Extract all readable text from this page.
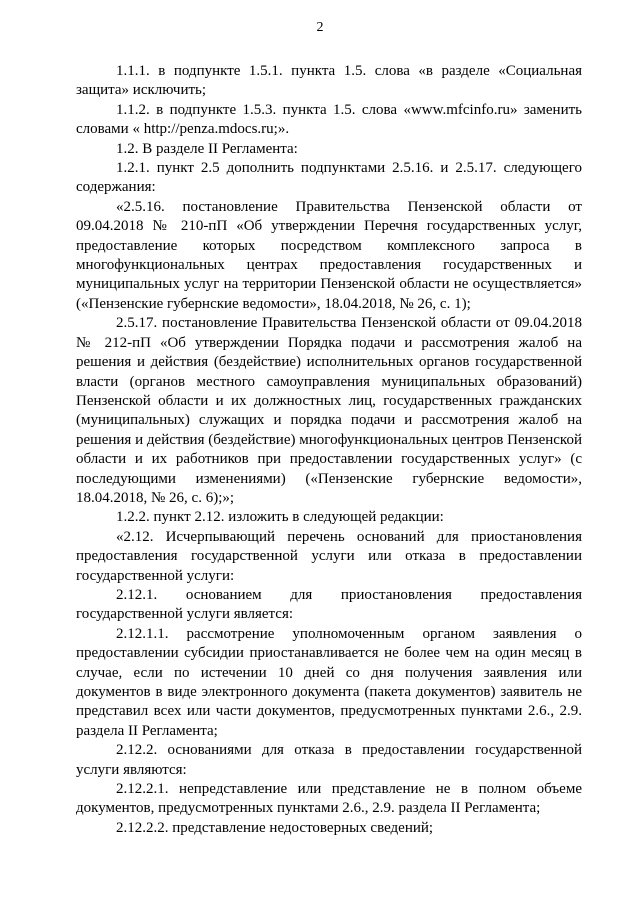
2

1.1.1. в подпункте 1.5.1. пункта 1.5. слова «в разделе «Социальная защита» исключить;

1.1.2. в подпункте 1.5.3. пункта 1.5. слова «www.mfcinfo.ru» заменить словами « http://penza.mdocs.ru;».

1.2. В разделе II Регламента:

1.2.1. пункт 2.5 дополнить подпунктами 2.5.16. и 2.5.17. следующего содержания:

«2.5.16. постановление Правительства Пензенской области от 09.04.2018 № 210-пП «Об утверждении Перечня государственных услуг, предоставление которых посредством комплексного запроса в многофункциональных центрах предоставления государственных и муниципальных услуг на территории Пензенской области не осуществляется» («Пензенские губернские ведомости», 18.04.2018, № 26, с. 1);

2.5.17. постановление Правительства Пензенской области от 09.04.2018 № 212-пП «Об утверждении Порядка подачи и рассмотрения жалоб на решения и действия (бездействие) исполнительных органов государственной власти (органов местного самоуправления муниципальных образований) Пензенской области и их должностных лиц, государственных гражданских (муниципальных) служащих и порядка подачи и рассмотрения жалоб на решения и действия (бездействие) многофункциональных центров Пензенской области и их работников при предоставлении государственных услуг» (с последующими изменениями) («Пензенские губернские ведомости», 18.04.2018, № 26, с. 6);»;

1.2.2. пункт 2.12. изложить в следующей редакции:

«2.12. Исчерпывающий перечень оснований для приостановления предоставления государственной услуги или отказа в предоставлении государственной услуги:

2.12.1. основанием для приостановления предоставления государственной услуги является:

2.12.1.1. рассмотрение уполномоченным органом заявления о предоставлении субсидии приостанавливается не более чем на один месяц в случае, если по истечении 10 дней со дня получения заявления или документов в виде электронного документа (пакета документов) заявитель не представил всех или части документов, предусмотренных пунктами 2.6., 2.9. раздела II Регламента;

2.12.2. основаниями для отказа в предоставлении государственной услуги являются:

2.12.2.1. непредставление или представление не в полном объеме документов, предусмотренных пунктами 2.6., 2.9. раздела II Регламента;

2.12.2.2. представление недостоверных сведений;
